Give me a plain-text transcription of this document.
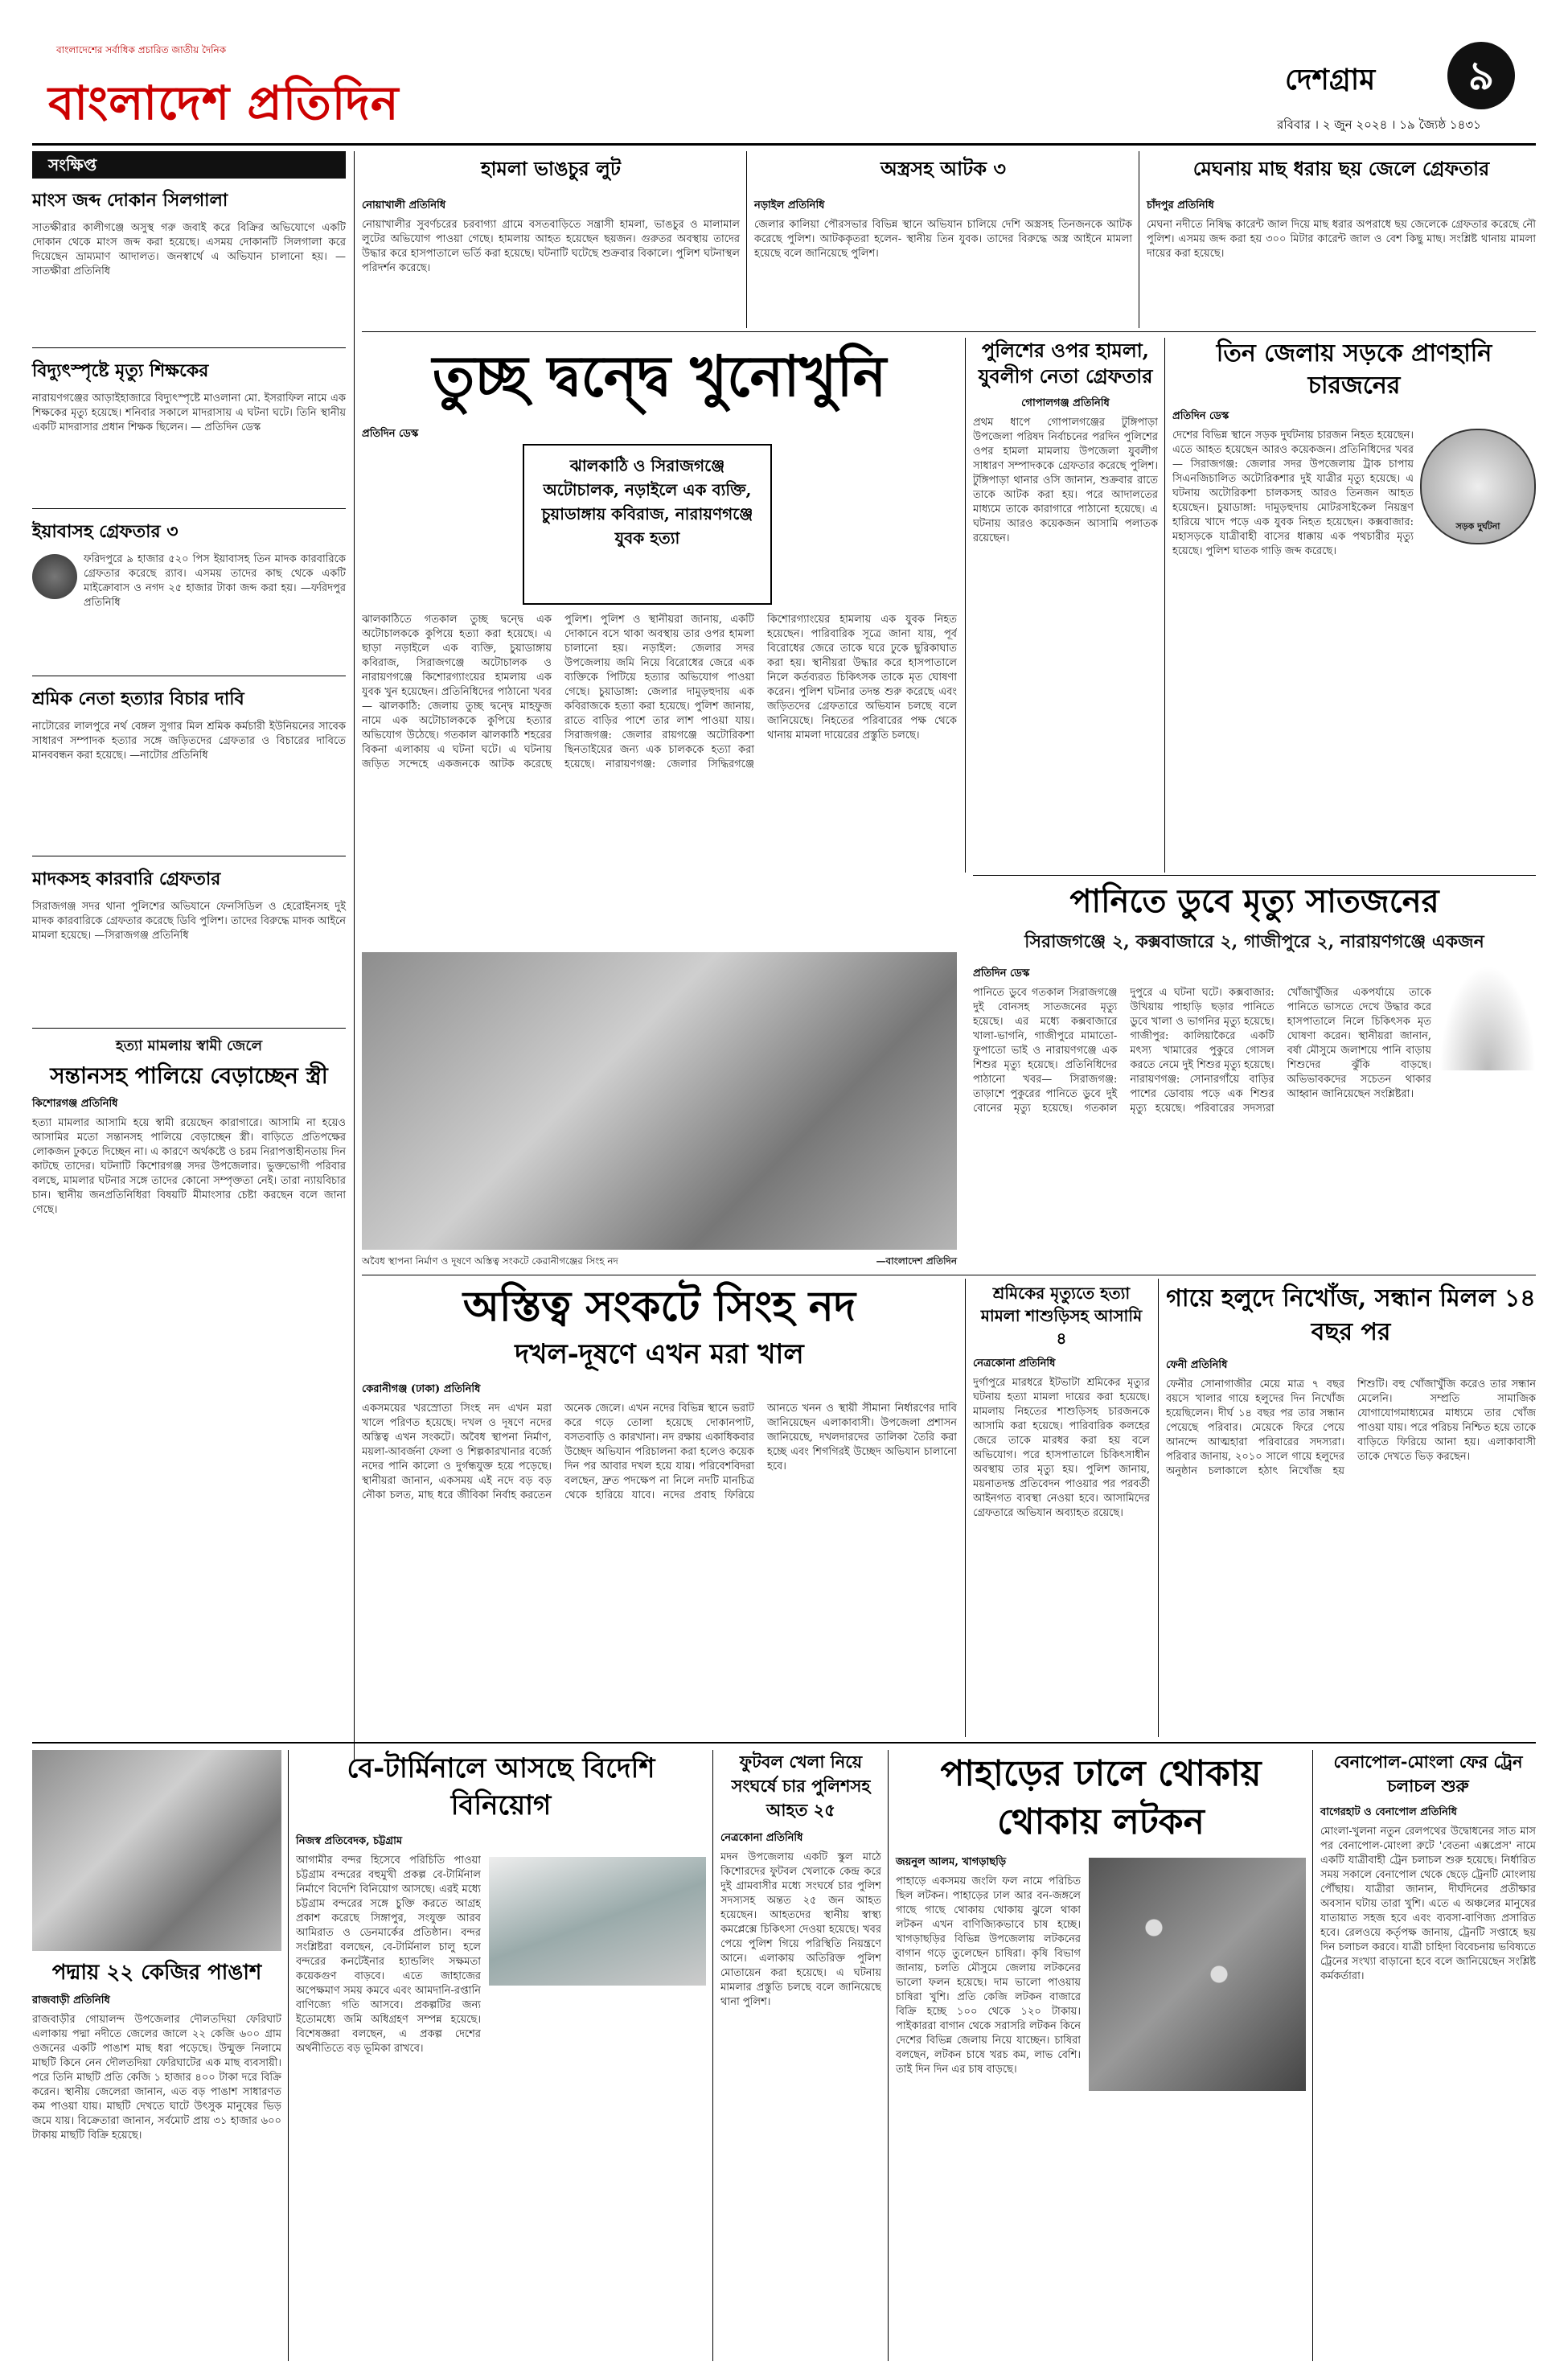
বাংলাদেশের সর্বাধিক প্রচারিত জাতীয় দৈনিক
বাংলাদেশ প্রতিদিন	দেশগ্রাম	৯
রবিবার । ২ জুন ২০২৪ । ১৯ জ্যৈষ্ঠ ১৪৩১
সংক্ষিপ্ত
মাংস জব্দ দোকান সিলগালা
সাতক্ষীরার কালীগঞ্জে অসুস্থ গরু জবাই করে বিক্রির অভিযোগে একটি দোকান থেকে মাংস জব্দ করা হয়েছে। এসময় দোকানটি সিলগালা করে দিয়েছেন ভ্রাম্যমাণ আদালত। জনস্বার্থে এ অভিযান চালানো হয়। — সাতক্ষীরা প্রতিনিধি
বিদ্যুৎস্পৃষ্টে মৃত্যু শিক্ষকের
নারায়ণগঞ্জের আড়াইহাজারে বিদ্যুৎস্পৃষ্টে মাওলানা মো. ইসরাফিল নামে এক শিক্ষকের মৃত্যু হয়েছে। শনিবার সকালে মাদরাসায় এ ঘটনা ঘটে। তিনি স্থানীয় একটি মাদরাসার প্রধান শিক্ষক ছিলেন। — প্রতিদিন ডেস্ক
ইয়াবাসহ গ্রেফতার ৩
ফরিদপুরে ৯ হাজার ৫২০ পিস ইয়াবাসহ তিন মাদক কারবারিকে গ্রেফতার করেছে র‌্যাব। এসময় তাদের কাছ থেকে একটি মাইক্রোবাস ও নগদ ২৫ হাজার টাকা জব্দ করা হয়। —ফরিদপুর প্রতিনিধি
শ্রমিক নেতা হত্যার বিচার দাবি
নাটোরের লালপুরে নর্থ বেঙ্গল সুগার মিল শ্রমিক কর্মচারী ইউনিয়নের সাবেক সাধারণ সম্পাদক হত্যার সঙ্গে জড়িতদের গ্রেফতার ও বিচারের দাবিতে মানববন্ধন করা হয়েছে। —নাটোর প্রতিনিধি
মাদকসহ কারবারি গ্রেফতার
সিরাজগঞ্জ সদর থানা পুলিশের অভিযানে ফেনসিডিল ও হেরোইনসহ দুই মাদক কারবারিকে গ্রেফতার করেছে ডিবি পুলিশ। তাদের বিরুদ্ধে মাদক আইনে মামলা হয়েছে। —সিরাজগঞ্জ প্রতিনিধি
হত্যা মামলায় স্বামী জেলে
সন্তানসহ পালিয়ে বেড়াচ্ছেন স্ত্রী
কিশোরগঞ্জ প্রতিনিধি
হত্যা মামলার আসামি হয়ে স্বামী রয়েছেন কারাগারে। আসামি না হয়েও আসামির মতো সন্তানসহ পালিয়ে বেড়াচ্ছেন স্ত্রী। বাড়িতে প্রতিপক্ষের লোকজন ঢুকতে দিচ্ছেন না। এ কারণে অর্থকষ্টে ও চরম নিরাপত্তাহীনতায় দিন কাটছে তাদের। ঘটনাটি কিশোরগঞ্জ সদর উপজেলার। ভুক্তভোগী পরিবার বলছে, মামলার ঘটনার সঙ্গে তাদের কোনো সম্পৃক্ততা নেই। তারা ন্যায়বিচার চান। স্থানীয় জনপ্রতিনিধিরা বিষয়টি মীমাংসার চেষ্টা করছেন বলে জানা গেছে।
হামলা ভাঙচুর লুট
নোয়াখালী প্রতিনিধি
নোয়াখালীর সুবর্ণচরের চরবাগ্যা গ্রামে বসতবাড়িতে সন্ত্রাসী হামলা, ভাঙচুর ও মালামাল লুটের অভিযোগ পাওয়া গেছে। হামলায় আহত হয়েছেন ছয়জন। গুরুতর অবস্থায় তাদের উদ্ধার করে হাসপাতালে ভর্তি করা হয়েছে। ঘটনাটি ঘটেছে শুক্রবার বিকালে। পুলিশ ঘটনাস্থল পরিদর্শন করেছে।
অস্ত্রসহ আটক ৩
নড়াইল প্রতিনিধি
জেলার কালিয়া পৌরসভার বিভিন্ন স্থানে অভিযান চালিয়ে দেশি অস্ত্রসহ তিনজনকে আটক করেছে পুলিশ। আটককৃতরা হলেন- স্থানীয় তিন যুবক। তাদের বিরুদ্ধে অস্ত্র আইনে মামলা হয়েছে বলে জানিয়েছে পুলিশ।
মেঘনায় মাছ ধরায় ছয় জেলে গ্রেফতার
চাঁদপুর প্রতিনিধি
মেঘনা নদীতে নিষিদ্ধ কারেন্ট জাল দিয়ে মাছ ধরার অপরাধে ছয় জেলেকে গ্রেফতার করেছে নৌ পুলিশ। এসময় জব্দ করা হয় ৩০০ মিটার কারেন্ট জাল ও বেশ কিছু মাছ। সংশ্লিষ্ট থানায় মামলা দায়ের করা হয়েছে।
তুচ্ছ দ্বন্দ্বে খুনোখুনি
ঝালকাঠি ও সিরাজগঞ্জে অটোচালক, নড়াইলে এক ব্যক্তি, চুয়াডাঙ্গায় কবিরাজ, নারায়ণগঞ্জে যুবক হত্যা
প্রতিদিন ডেস্ক
ঝালকাঠিতে গতকাল তুচ্ছ দ্বন্দ্বে এক অটোচালককে কুপিয়ে হত্যা করা হয়েছে। এ ছাড়া নড়াইলে এক ব্যক্তি, চুয়াডাঙ্গায় কবিরাজ, সিরাজগঞ্জে অটোচালক ও নারায়ণগঞ্জে কিশোরগ্যাংয়ের হামলায় এক যুবক খুন হয়েছেন। প্রতিনিধিদের পাঠানো খবর— ঝালকাঠি: জেলায় তুচ্ছ দ্বন্দ্বে মাহফুজ নামে এক অটোচালককে কুপিয়ে হত্যার অভিযোগ উঠেছে। গতকাল ঝালকাঠি শহরের বিকনা এলাকায় এ ঘটনা ঘটে। এ ঘটনায় জড়িত সন্দেহে একজনকে আটক করেছে পুলিশ। পুলিশ ও স্থানীয়রা জানায়, একটি দোকানে বসে থাকা অবস্থায় তার ওপর হামলা চালানো হয়। নড়াইল: জেলার সদর উপজেলায় জমি নিয়ে বিরোধের জেরে এক ব্যক্তিকে পিটিয়ে হত্যার অভিযোগ পাওয়া গেছে। চুয়াডাঙ্গা: জেলার দামুড়হুদায় এক কবিরাজকে হত্যা করা হয়েছে। পুলিশ জানায়, রাতে বাড়ির পাশে তার লাশ পাওয়া যায়। সিরাজগঞ্জ: জেলার রায়গঞ্জে অটোরিকশা ছিনতাইয়ের জন্য এক চালককে হত্যা করা হয়েছে। নারায়ণগঞ্জ: জেলার সিদ্ধিরগঞ্জে কিশোরগ্যাংয়ের হামলায় এক যুবক নিহত হয়েছেন। পারিবারিক সূত্রে জানা যায়, পূর্ব বিরোধের জেরে তাকে ঘরে ঢুকে ছুরিকাঘাত করা হয়। স্থানীয়রা উদ্ধার করে হাসপাতালে নিলে কর্তব্যরত চিকিৎসক তাকে মৃত ঘোষণা করেন। পুলিশ ঘটনার তদন্ত শুরু করেছে এবং জড়িতদের গ্রেফতারে অভিযান চলছে বলে জানিয়েছে। নিহতের পরিবারের পক্ষ থেকে থানায় মামলা দায়েরের প্রস্তুতি চলছে।
অবৈধ স্থাপনা নির্মাণ ও দূষণে অস্তিত্ব সংকটে কেরানীগঞ্জের সিংহ নদ	—বাংলাদেশ প্রতিদিন
পুলিশের ওপর হামলা, যুবলীগ নেতা গ্রেফতার
গোপালগঞ্জ প্রতিনিধি
প্রথম ধাপে গোপালগঞ্জের টুঙ্গিপাড়া উপজেলা পরিষদ নির্বাচনের পরদিন পুলিশের ওপর হামলা মামলায় উপজেলা যুবলীগ সাধারণ সম্পাদককে গ্রেফতার করেছে পুলিশ। টুঙ্গিপাড়া থানার ওসি জানান, শুক্রবার রাতে তাকে আটক করা হয়। পরে আদালতের মাধ্যমে তাকে কারাগারে পাঠানো হয়েছে। এ ঘটনায় আরও কয়েকজন আসামি পলাতক রয়েছেন।
তিন জেলায় সড়কে প্রাণহানি চারজনের
প্রতিদিন ডেস্ক
সড়ক দুর্ঘটনা
দেশের বিভিন্ন স্থানে সড়ক দুর্ঘটনায় চারজন নিহত হয়েছেন। এতে আহত হয়েছেন আরও কয়েকজন। প্রতিনিধিদের খবর— সিরাজগঞ্জ: জেলার সদর উপজেলায় ট্রাক চাপায় সিএনজিচালিত অটোরিকশার দুই যাত্রীর মৃত্যু হয়েছে। এ ঘটনায় অটোরিকশা চালকসহ আরও তিনজন আহত হয়েছেন। চুয়াডাঙ্গা: দামুড়হুদায় মোটরসাইকেল নিয়ন্ত্রণ হারিয়ে খাদে পড়ে এক যুবক নিহত হয়েছেন। কক্সবাজার: মহাসড়কে যাত্রীবাহী বাসের ধাক্কায় এক পথচারীর মৃত্যু হয়েছে। পুলিশ ঘাতক গাড়ি জব্দ করেছে।
পানিতে ডুবে মৃত্যু সাতজনের
সিরাজগঞ্জে ২, কক্সবাজারে ২, গাজীপুরে ২, নারায়ণগঞ্জে একজন
প্রতিদিন ডেস্ক
পানিতে ডুবে গতকাল সিরাজগঞ্জে দুই বোনসহ সাতজনের মৃত্যু হয়েছে। এর মধ্যে কক্সবাজারে খালা-ভাগনি, গাজীপুরে মামাতো-ফুপাতো ভাই ও নারায়ণগঞ্জে এক শিশুর মৃত্যু হয়েছে। প্রতিনিধিদের পাঠানো খবর— সিরাজগঞ্জ: তাড়াশে পুকুরের পানিতে ডুবে দুই বোনের মৃত্যু হয়েছে। গতকাল দুপুরে এ ঘটনা ঘটে। কক্সবাজার: উখিয়ায় পাহাড়ি ছড়ার পানিতে ডুবে খালা ও ভাগনির মৃত্যু হয়েছে। গাজীপুর: কালিয়াকৈরে একটি মৎস্য খামারের পুকুরে গোসল করতে নেমে দুই শিশুর মৃত্যু হয়েছে। নারায়ণগঞ্জ: সোনারগাঁয়ে বাড়ির পাশের ডোবায় পড়ে এক শিশুর মৃত্যু হয়েছে। পরিবারের সদস্যরা খোঁজাখুঁজির একপর্যায়ে তাকে পানিতে ভাসতে দেখে উদ্ধার করে হাসপাতালে নিলে চিকিৎসক মৃত ঘোষণা করেন। স্থানীয়রা জানান, বর্ষা মৌসুমে জলাশয়ে পানি বাড়ায় শিশুদের ঝুঁকি বাড়ছে। অভিভাবকদের সচেতন থাকার আহ্বান জানিয়েছেন সংশ্লিষ্টরা।
অস্তিত্ব সংকটে সিংহ নদ
দখল-দূষণে এখন মরা খাল
কেরানীগঞ্জ (ঢাকা) প্রতিনিধি
একসময়ের খরস্রোতা সিংহ নদ এখন মরা খালে পরিণত হয়েছে। দখল ও দূষণে নদের অস্তিত্ব এখন সংকটে। অবৈধ স্থাপনা নির্মাণ, ময়লা-আবর্জনা ফেলা ও শিল্পকারখানার বর্জ্যে নদের পানি কালো ও দুর্গন্ধযুক্ত হয়ে পড়েছে। স্থানীয়রা জানান, একসময় এই নদে বড় বড় নৌকা চলত, মাছ ধরে জীবিকা নির্বাহ করতেন অনেক জেলে। এখন নদের বিভিন্ন স্থানে ভরাট করে গড়ে তোলা হয়েছে দোকানপাট, বসতবাড়ি ও কারখানা। নদ রক্ষায় একাধিকবার উচ্ছেদ অভিযান পরিচালনা করা হলেও কয়েক দিন পর আবার দখল হয়ে যায়। পরিবেশবিদরা বলছেন, দ্রুত পদক্ষেপ না নিলে নদটি মানচিত্র থেকে হারিয়ে যাবে। নদের প্রবাহ ফিরিয়ে আনতে খনন ও স্থায়ী সীমানা নির্ধারণের দাবি জানিয়েছেন এলাকাবাসী। উপজেলা প্রশাসন জানিয়েছে, দখলদারদের তালিকা তৈরি করা হচ্ছে এবং শিগগিরই উচ্ছেদ অভিযান চালানো হবে।
শ্রমিকের মৃত্যুতে হত্যা মামলা শাশুড়িসহ আসামি ৪
নেত্রকোনা প্রতিনিধি
দুর্গাপুরে মারধরে ইটভাটা শ্রমিকের মৃত্যুর ঘটনায় হত্যা মামলা দায়ের করা হয়েছে। মামলায় নিহতের শাশুড়িসহ চারজনকে আসামি করা হয়েছে। পারিবারিক কলহের জেরে তাকে মারধর করা হয় বলে অভিযোগ। পরে হাসপাতালে চিকিৎসাধীন অবস্থায় তার মৃত্যু হয়। পুলিশ জানায়, ময়নাতদন্ত প্রতিবেদন পাওয়ার পর পরবর্তী আইনগত ব্যবস্থা নেওয়া হবে। আসামিদের গ্রেফতারে অভিযান অব্যাহত রয়েছে।
গায়ে হলুদে নিখোঁজ, সন্ধান মিলল ১৪ বছর পর
ফেনী প্রতিনিধি
ফেনীর সোনাগাজীর মেয়ে মাত্র ৭ বছর বয়সে খালার গায়ে হলুদের দিন নিখোঁজ হয়েছিলেন। দীর্ঘ ১৪ বছর পর তার সন্ধান পেয়েছে পরিবার। মেয়েকে ফিরে পেয়ে আনন্দে আত্মহারা পরিবারের সদস্যরা। পরিবার জানায়, ২০১০ সালে গায়ে হলুদের অনুষ্ঠান চলাকালে হঠাৎ নিখোঁজ হয় শিশুটি। বহু খোঁজাখুঁজি করেও তার সন্ধান মেলেনি। সম্প্রতি সামাজিক যোগাযোগমাধ্যমের মাধ্যমে তার খোঁজ পাওয়া যায়। পরে পরিচয় নিশ্চিত হয়ে তাকে বাড়িতে ফিরিয়ে আনা হয়। এলাকাবাসী তাকে দেখতে ভিড় করছেন।
পদ্মায় ২২ কেজির পাঙাশ
রাজবাড়ী প্রতিনিধি
রাজবাড়ীর গোয়ালন্দ উপজেলার দৌলতদিয়া ফেরিঘাট এলাকায় পদ্মা নদীতে জেলের জালে ২২ কেজি ৬০০ গ্রাম ওজনের একটি পাঙাশ মাছ ধরা পড়েছে। উন্মুক্ত নিলামে মাছটি কিনে নেন দৌলতদিয়া ফেরিঘাটের এক মাছ ব্যবসায়ী। পরে তিনি মাছটি প্রতি কেজি ১ হাজার ৪০০ টাকা দরে বিক্রি করেন। স্থানীয় জেলেরা জানান, এত বড় পাঙাশ সাধারণত কম পাওয়া যায়। মাছটি দেখতে ঘাটে উৎসুক মানুষের ভিড় জমে যায়। বিক্রেতারা জানান, সর্বমোট প্রায় ৩১ হাজার ৬০০ টাকায় মাছটি বিক্রি হয়েছে।
বে-টার্মিনালে আসছে বিদেশি বিনিয়োগ
নিজস্ব প্রতিবেদক, চট্টগ্রাম
আগামীর বন্দর হিসেবে পরিচিতি পাওয়া চট্টগ্রাম বন্দরের বহুমুখী প্রকল্প বে-টার্মিনাল নির্মাণে বিদেশি বিনিয়োগ আসছে। এরই মধ্যে চট্টগ্রাম বন্দরের সঙ্গে চুক্তি করতে আগ্রহ প্রকাশ করেছে সিঙ্গাপুর, সংযুক্ত আরব আমিরাত ও ডেনমার্কের প্রতিষ্ঠান। বন্দর সংশ্লিষ্টরা বলছেন, বে-টার্মিনাল চালু হলে বন্দরের কনটেইনার হ্যান্ডলিং সক্ষমতা কয়েকগুণ বাড়বে। এতে জাহাজের অপেক্ষমাণ সময় কমবে এবং আমদানি-রপ্তানি বাণিজ্যে গতি আসবে। প্রকল্পটির জন্য ইতোমধ্যে জমি অধিগ্রহণ সম্পন্ন হয়েছে। বিশেষজ্ঞরা বলছেন, এ প্রকল্প দেশের অর্থনীতিতে বড় ভূমিকা রাখবে।
ফুটবল খেলা নিয়ে সংঘর্ষে চার পুলিশসহ আহত ২৫
নেত্রকোনা প্রতিনিধি
মদন উপজেলায় একটি স্কুল মাঠে কিশোরদের ফুটবল খেলাকে কেন্দ্র করে দুই গ্রামবাসীর মধ্যে সংঘর্ষে চার পুলিশ সদস্যসহ অন্তত ২৫ জন আহত হয়েছেন। আহতদের স্থানীয় স্বাস্থ্য কমপ্লেক্সে চিকিৎসা দেওয়া হয়েছে। খবর পেয়ে পুলিশ গিয়ে পরিস্থিতি নিয়ন্ত্রণে আনে। এলাকায় অতিরিক্ত পুলিশ মোতায়েন করা হয়েছে। এ ঘটনায় মামলার প্রস্তুতি চলছে বলে জানিয়েছে থানা পুলিশ।
পাহাড়ের ঢালে থোকায় থোকায় লটকন
জয়নুল আলম, খাগড়াছড়ি
পাহাড়ে একসময় জংলি ফল নামে পরিচিত ছিল লটকন। পাহাড়ের ঢাল আর বন-জঙ্গলে গাছে গাছে থোকায় থোকায় ঝুলে থাকা লটকন এখন বাণিজ্যিকভাবে চাষ হচ্ছে। খাগড়াছড়ির বিভিন্ন উপজেলায় লটকনের বাগান গড়ে তুলেছেন চাষিরা। কৃষি বিভাগ জানায়, চলতি মৌসুমে জেলায় লটকনের ভালো ফলন হয়েছে। দাম ভালো পাওয়ায় চাষিরা খুশি। প্রতি কেজি লটকন বাজারে বিক্রি হচ্ছে ১০০ থেকে ১২০ টাকায়। পাইকাররা বাগান থেকে সরাসরি লটকন কিনে দেশের বিভিন্ন জেলায় নিয়ে যাচ্ছেন। চাষিরা বলছেন, লটকন চাষে খরচ কম, লাভ বেশি। তাই দিন দিন এর চাষ বাড়ছে।
বেনাপোল-মোংলা ফের ট্রেন চলাচল শুরু
বাগেরহাট ও বেনাপোল প্রতিনিধি
মোংলা-খুলনা নতুন রেলপথের উদ্বোধনের সাত মাস পর বেনাপোল-মোংলা রুটে 'বেতনা এক্সপ্রেস' নামে একটি যাত্রীবাহী ট্রেন চলাচল শুরু হয়েছে। নির্ধারিত সময় সকালে বেনাপোল থেকে ছেড়ে ট্রেনটি মোংলায় পৌঁছায়। যাত্রীরা জানান, দীর্ঘদিনের প্রতীক্ষার অবসান ঘটায় তারা খুশি। এতে এ অঞ্চলের মানুষের যাতায়াত সহজ হবে এবং ব্যবসা-বাণিজ্য প্রসারিত হবে। রেলওয়ে কর্তৃপক্ষ জানায়, ট্রেনটি সপ্তাহে ছয় দিন চলাচল করবে। যাত্রী চাহিদা বিবেচনায় ভবিষ্যতে ট্রেনের সংখ্যা বাড়ানো হবে বলে জানিয়েছেন সংশ্লিষ্ট কর্মকর্তারা।
